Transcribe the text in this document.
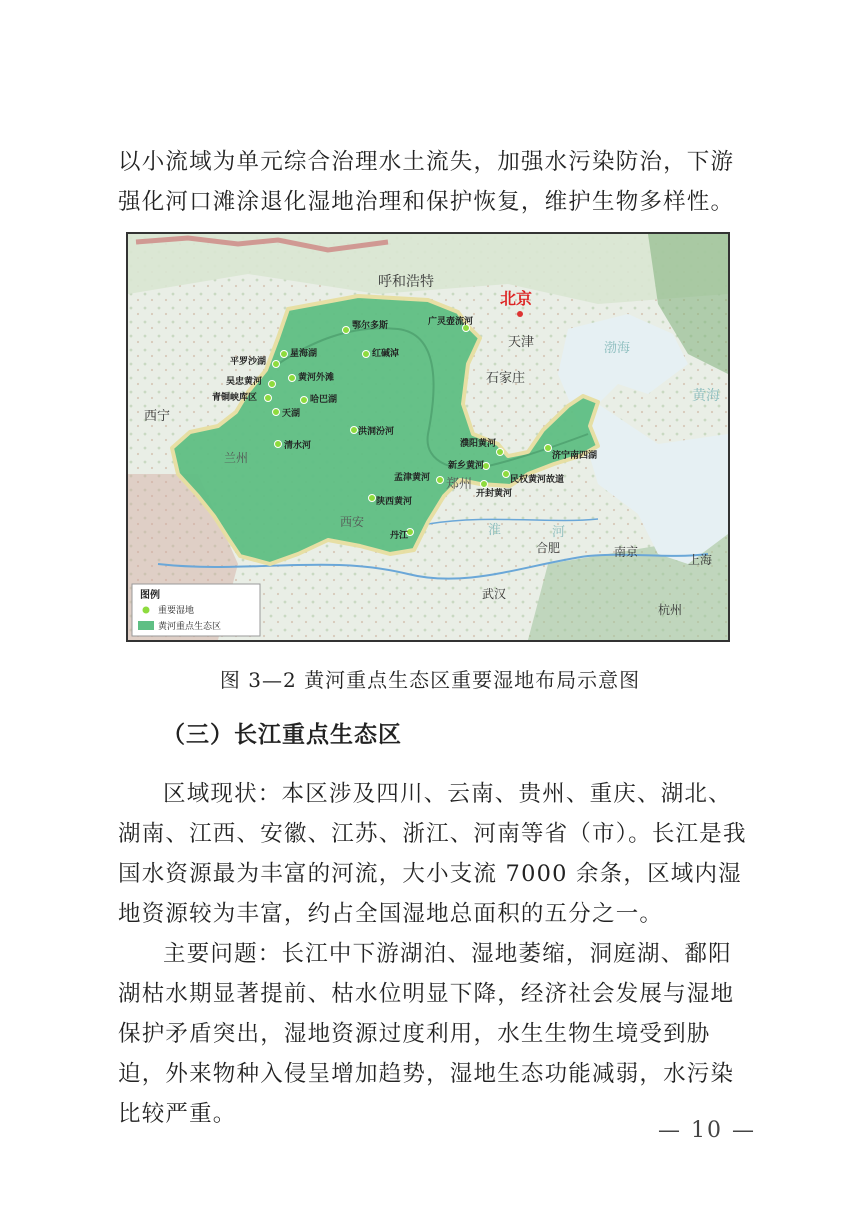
以小流域为单元综合治理水土流失，加强水污染防治，下游强化河口滩涂退化湿地治理和保护恢复，维护生物多样性。

北京
呼和浩特
天津
石家庄
西宁
兰州
西安
郑州
合肥	南京
上海
武汉
杭州
渤海
黄海
河
淮
鄂尔多斯	广灵壶流河
红碱淖
星海湖
平罗沙湖
黄河外滩
吴忠黄河
青铜峡库区	哈巴湖
天湖
洪洞汾河
清水河	濮阳黄河
新乡黄河
孟津黄河
济宁南四湖
民权黄河故道
开封黄河
陕西黄河
丹江
图例
重要湿地
黄河重点生态区
图 3—2 黄河重点生态区重要湿地布局示意图
（三）长江重点生态区

区域现状：本区涉及四川、云南、贵州、重庆、湖北、湖南、江西、安徽、江苏、浙江、河南等省（市）。长江是我国水资源最为丰富的河流，大小支流 7000 余条，区域内湿地资源较为丰富，约占全国湿地总面积的五分之一。

主要问题：长江中下游湖泊、湿地萎缩，洞庭湖、鄱阳湖枯水期显著提前、枯水位明显下降，经济社会发展与湿地保护矛盾突出，湿地资源过度利用，水生生物生境受到胁迫，外来物种入侵呈增加趋势，湿地生态功能减弱，水污染比较严重。

— 10 —
